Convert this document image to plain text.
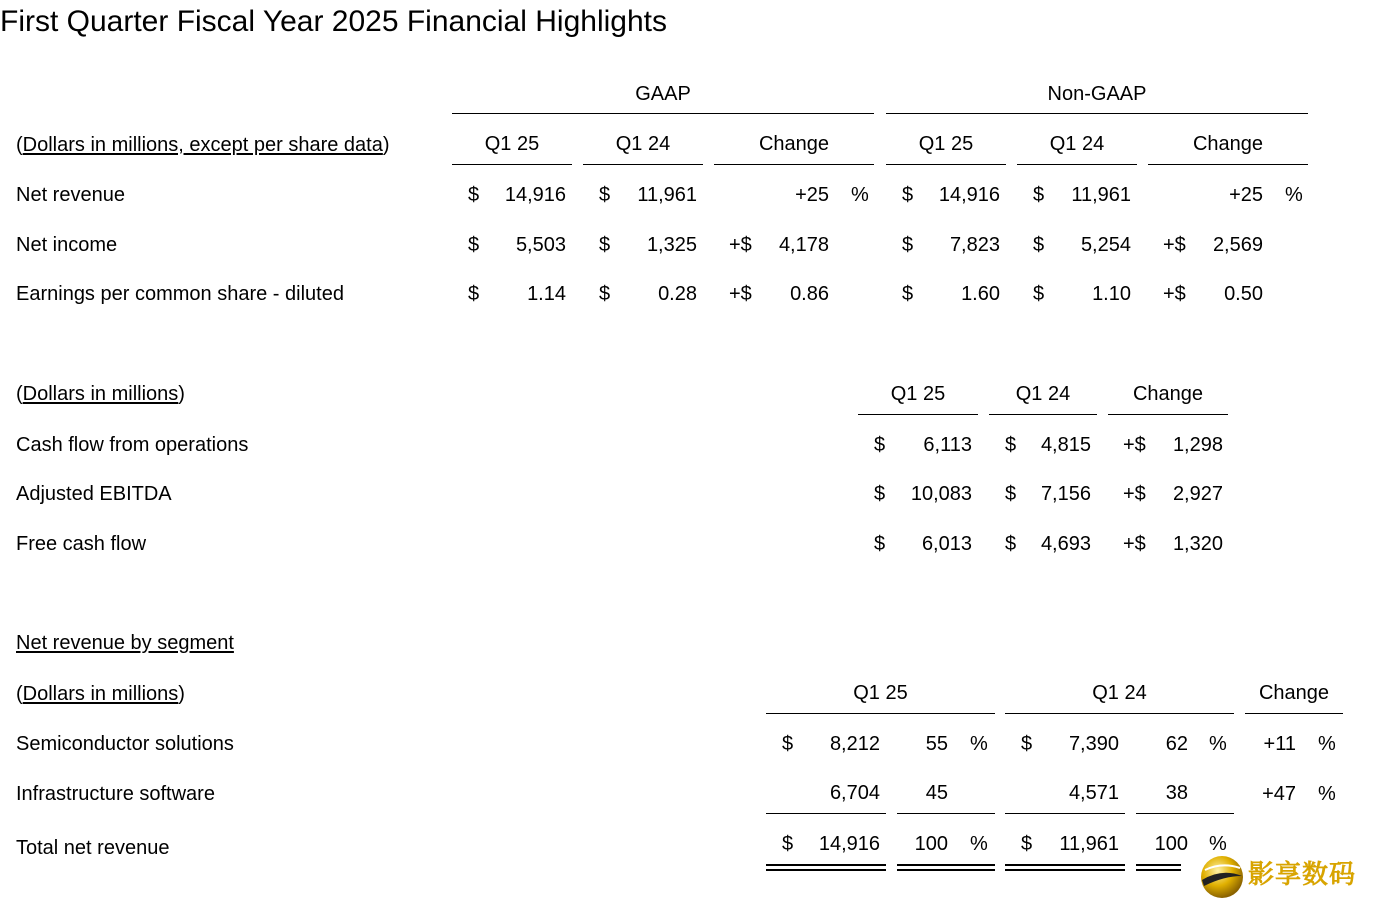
First Quarter Fiscal Year 2025 Financial Highlights
GAAP	Non-GAAP
(Dollars in millions, except per share data)	Q1 25	Q1 24	Change	Q1 25	Q1 24	Change
Net revenue	$	14,916 $	11,961	+25 % $	14,916 $	11,961	+25 %
Net income	$	5,503 $	1,325 +$	4,178	$	7,823 $	5,254 +$	2,569
Earnings per common share - diluted	$	1.14 $	0.28 +$	0.86	$	1.60 $	1.10 +$	0.50
(Dollars in millions)	Q1 25	Q1 24	Change
Cash flow from operations	$	6,113 $	4,815 +$	1,298
Adjusted EBITDA	$	10,083 $	7,156 +$	2,927
Free cash flow	$	6,013 $	4,693 +$	1,320
Net revenue by segment
(Dollars in millions)	Q1 25	Q1 24	Change
Semiconductor solutions	$	8,212	55 % $	7,390	62 %	+11 %
Infrastructure software	6,704	45	4,571	38	+47 %
Total net revenue	$	14,916	100 % $	11,961	100 %
影享数码
